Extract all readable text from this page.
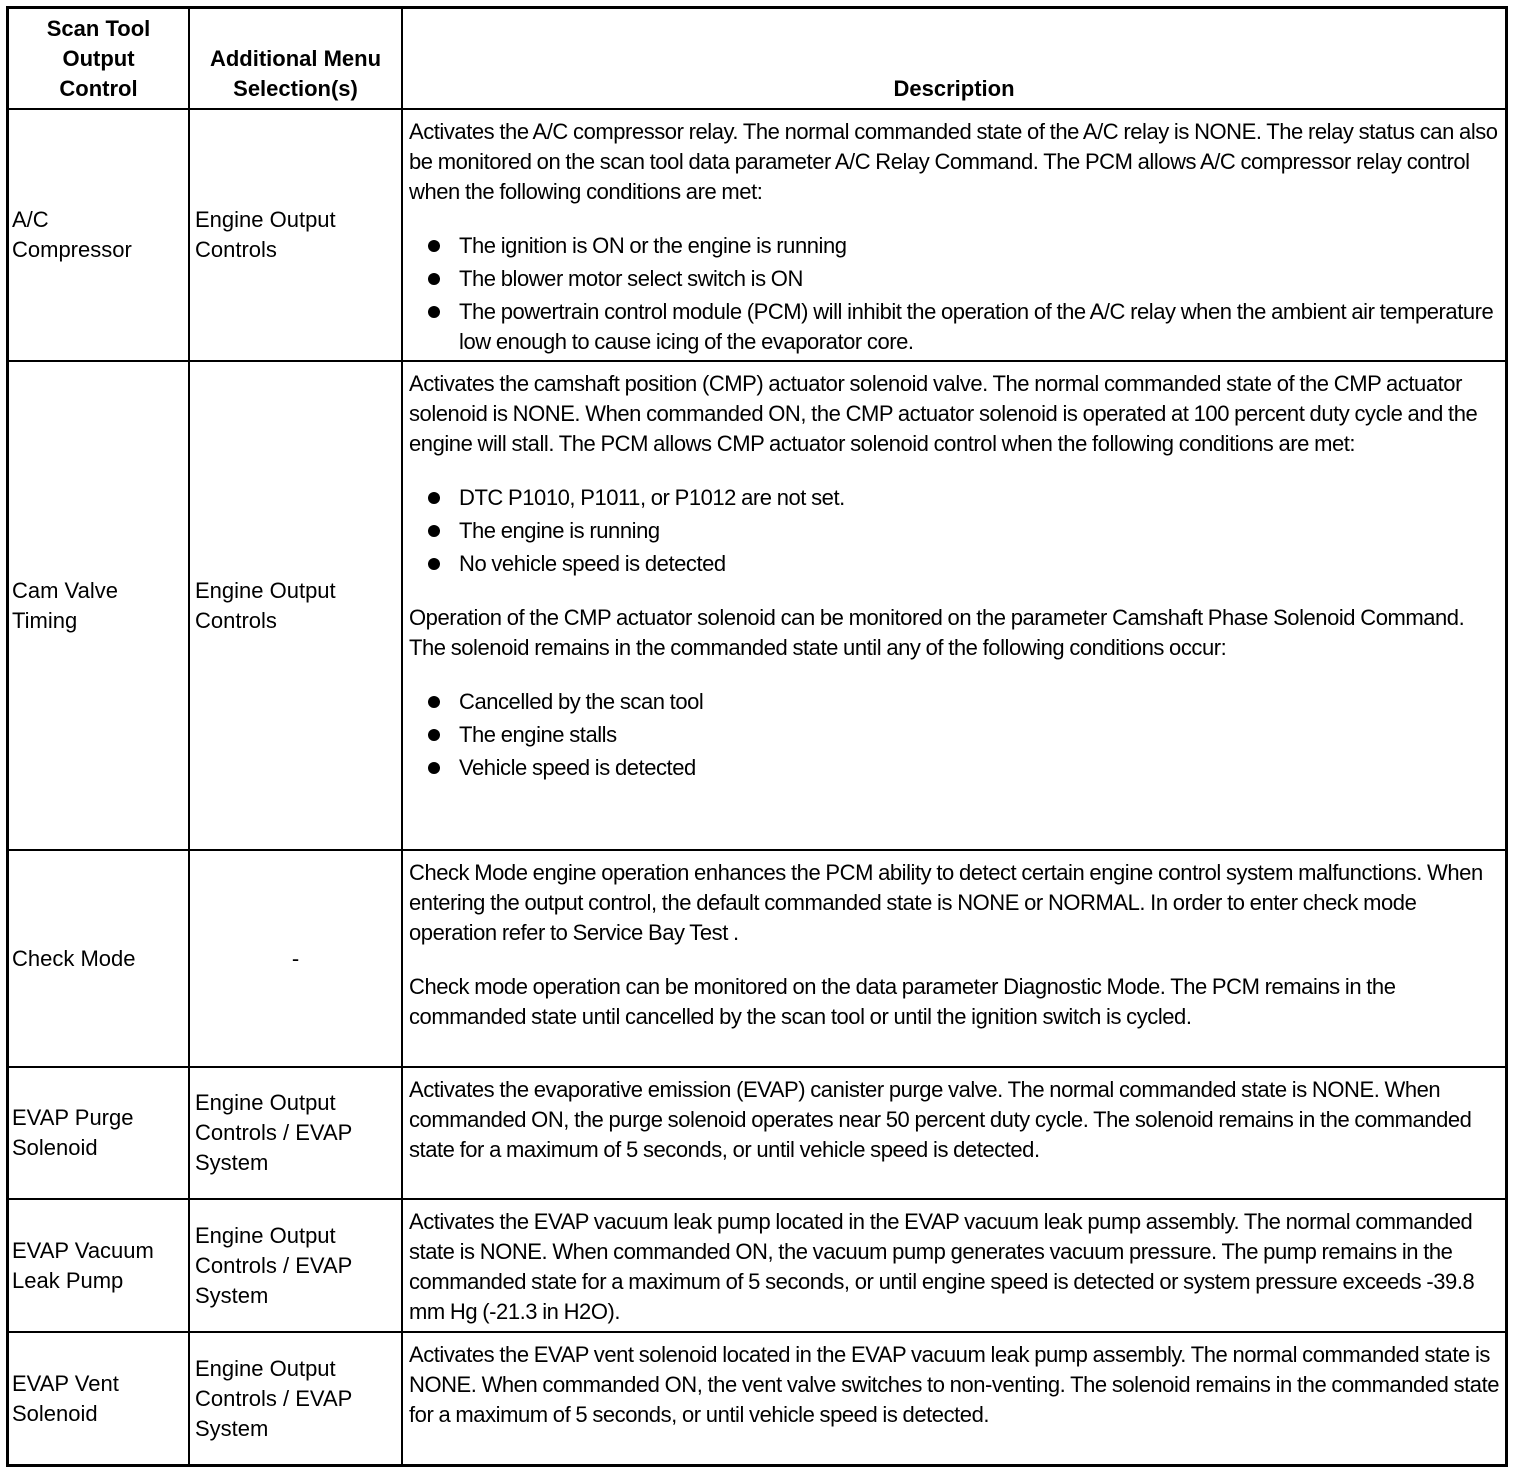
Scan Tool
Output
Control
Additional Menu
Selection(s)	Description
A/C
Compressor
Engine Output
Controls

Activates the A/C compressor relay. The normal commanded state of the A/C relay is NONE. The relay status can also be monitored on the scan tool data parameter A/C Relay Command. The PCM allows A/C compressor relay control when the following conditions are met:

The ignition is ON or the engine is running
The blower motor select switch is ON
The powertrain control module (PCM) will inhibit the operation of the A/C relay when the ambient air temperature low enough to cause icing of the evaporator core.
Cam Valve
Timing
Engine Output
Controls

Activates the camshaft position (CMP) actuator solenoid valve. The normal commanded state of the CMP actuator solenoid is NONE. When commanded ON, the CMP actuator solenoid is operated at 100 percent duty cycle and the engine will stall. The PCM allows CMP actuator solenoid control when the following conditions are met:

DTC P1010, P1011, or P1012 are not set.
The engine is running
No vehicle speed is detected

Operation of the CMP actuator solenoid can be monitored on the parameter Camshaft Phase Solenoid Command. The solenoid remains in the commanded state until any of the following conditions occur:

Cancelled by the scan tool
The engine stalls
Vehicle speed is detected
Check Mode	-

Check Mode engine operation enhances the PCM ability to detect certain engine control system malfunctions. When entering the output control, the default commanded state is NONE or NORMAL. In order to enter check mode operation refer to Service Bay Test .

Check mode operation can be monitored on the data parameter Diagnostic Mode. The PCM remains in the commanded state until cancelled by the scan tool or until the ignition switch is cycled.

EVAP Purge
Solenoid
Engine Output
Controls / EVAP
System

Activates the evaporative emission (EVAP) canister purge valve. The normal commanded state is NONE. When commanded ON, the purge solenoid operates near 50 percent duty cycle. The solenoid remains in the commanded state for a maximum of 5 seconds, or until vehicle speed is detected.

EVAP Vacuum
Leak Pump
Engine Output
Controls / EVAP
System

Activates the EVAP vacuum leak pump located in the EVAP vacuum leak pump assembly. The normal commanded state is NONE. When commanded ON, the vacuum pump generates vacuum pressure. The pump remains in the commanded state for a maximum of 5 seconds, or until engine speed is detected or system pressure exceeds -39.8 mm Hg (-21.3 in H2O).

EVAP Vent
Solenoid
Engine Output
Controls / EVAP
System

Activates the EVAP vent solenoid located in the EVAP vacuum leak pump assembly. The normal commanded state is NONE. When commanded ON, the vent valve switches to non-venting. The solenoid remains in the commanded state for a maximum of 5 seconds, or until vehicle speed is detected.
